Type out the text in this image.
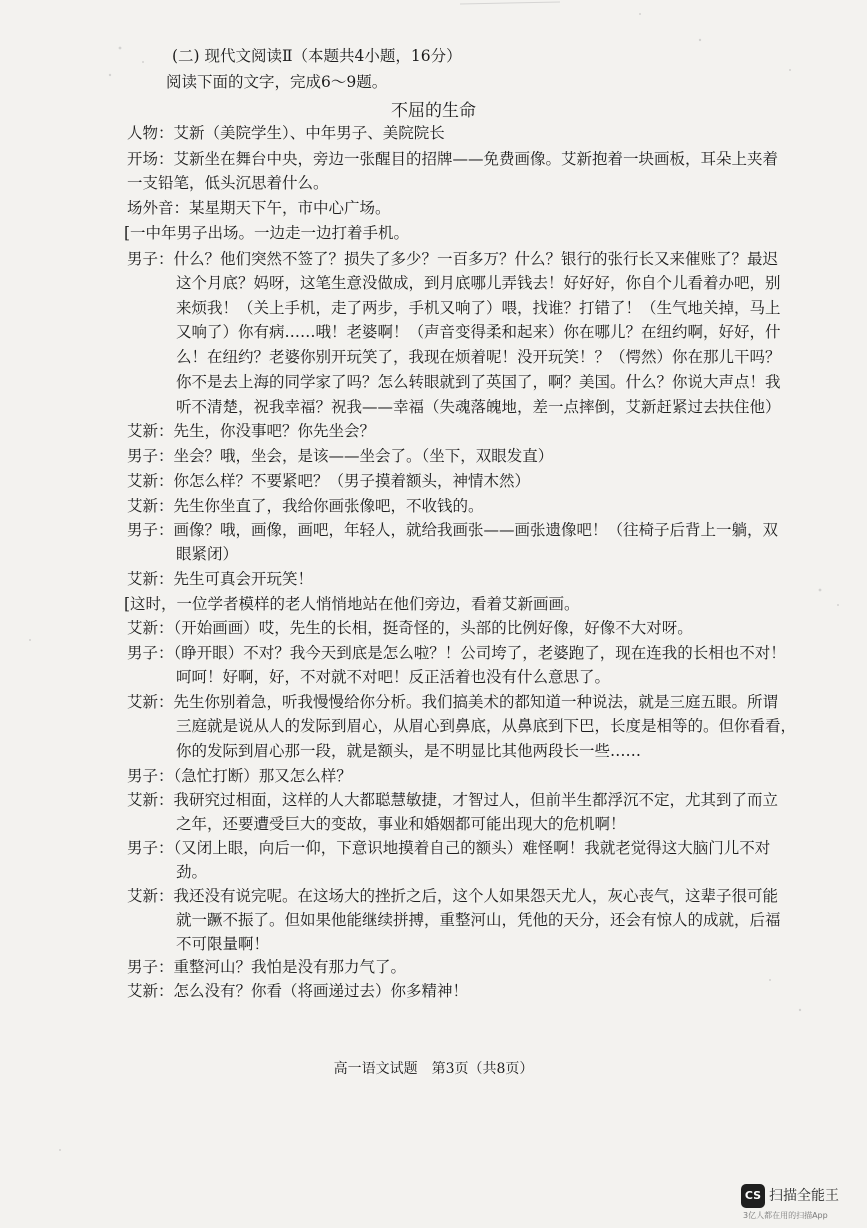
(二) 现代文阅读Ⅱ（本题共4小题，16分）
阅读下面的文字，完成6～9题。
不屈的生命
人物：艾新（美院学生）、中年男子、美院院长
开场：艾新坐在舞台中央，旁边一张醒目的招牌——免费画像。艾新抱着一块画板，耳朵上夹着
一支铅笔，低头沉思着什么。
场外音：某星期天下午，市中心广场。
[一中年男子出场。一边走一边打着手机。
男子：什么？他们突然不签了？损失了多少？一百多万？什么？银行的张行长又来催账了？最迟
这个月底？妈呀，这笔生意没做成，到月底哪儿弄钱去！好好好，你自个儿看着办吧，别
来烦我！（关上手机，走了两步，手机又响了）喂，找谁？打错了！（生气地关掉，马上
又响了）你有病……哦！老婆啊！（声音变得柔和起来）你在哪儿？在纽约啊，好好，什
么！在纽约？老婆你别开玩笑了，我现在烦着呢！没开玩笑！？（愕然）你在那儿干吗？
你不是去上海的同学家了吗？怎么转眼就到了英国了，啊？美国。什么？你说大声点！我
听不清楚，祝我幸福？祝我——幸福（失魂落魄地，差一点摔倒，艾新赶紧过去扶住他）
艾新：先生，你没事吧？你先坐会？
男子：坐会？哦，坐会，是该——坐会了。（坐下，双眼发直）
艾新：你怎么样？不要紧吧？（男子摸着额头，神情木然）
艾新：先生你坐直了，我给你画张像吧，不收钱的。
男子：画像？哦，画像，画吧，年轻人，就给我画张——画张遗像吧！（往椅子后背上一躺，双
眼紧闭）
艾新：先生可真会开玩笑！
[这时，一位学者模样的老人悄悄地站在他们旁边，看着艾新画画。
艾新：（开始画画）哎，先生的长相，挺奇怪的，头部的比例好像，好像不大对呀。
男子：（睁开眼）不对？我今天到底是怎么啦？！公司垮了，老婆跑了，现在连我的长相也不对！
呵呵！好啊，好，不对就不对吧！反正活着也没有什么意思了。
艾新：先生你别着急，听我慢慢给你分析。我们搞美术的都知道一种说法，就是三庭五眼。所谓
三庭就是说从人的发际到眉心，从眉心到鼻底，从鼻底到下巴，长度是相等的。但你看看，
你的发际到眉心那一段，就是额头，是不明显比其他两段长一些……
男子：（急忙打断）那又怎么样？
艾新：我研究过相面，这样的人大都聪慧敏捷，才智过人，但前半生都浮沉不定，尤其到了而立
之年，还要遭受巨大的变故，事业和婚姻都可能出现大的危机啊！
男子：（又闭上眼，向后一仰，下意识地摸着自己的额头）难怪啊！我就老觉得这大脑门儿不对
劲。
艾新：我还没有说完呢。在这场大的挫折之后，这个人如果怨天尤人，灰心丧气，这辈子很可能
就一蹶不振了。但如果他能继续拼搏，重整河山，凭他的天分，还会有惊人的成就，后福
不可限量啊！
男子：重整河山？我怕是没有那力气了。
艾新：怎么没有？你看（将画递过去）你多精神！
高一语文试题　第3页（共8页）
CS 扫描全能王
3亿人都在用的扫描App
